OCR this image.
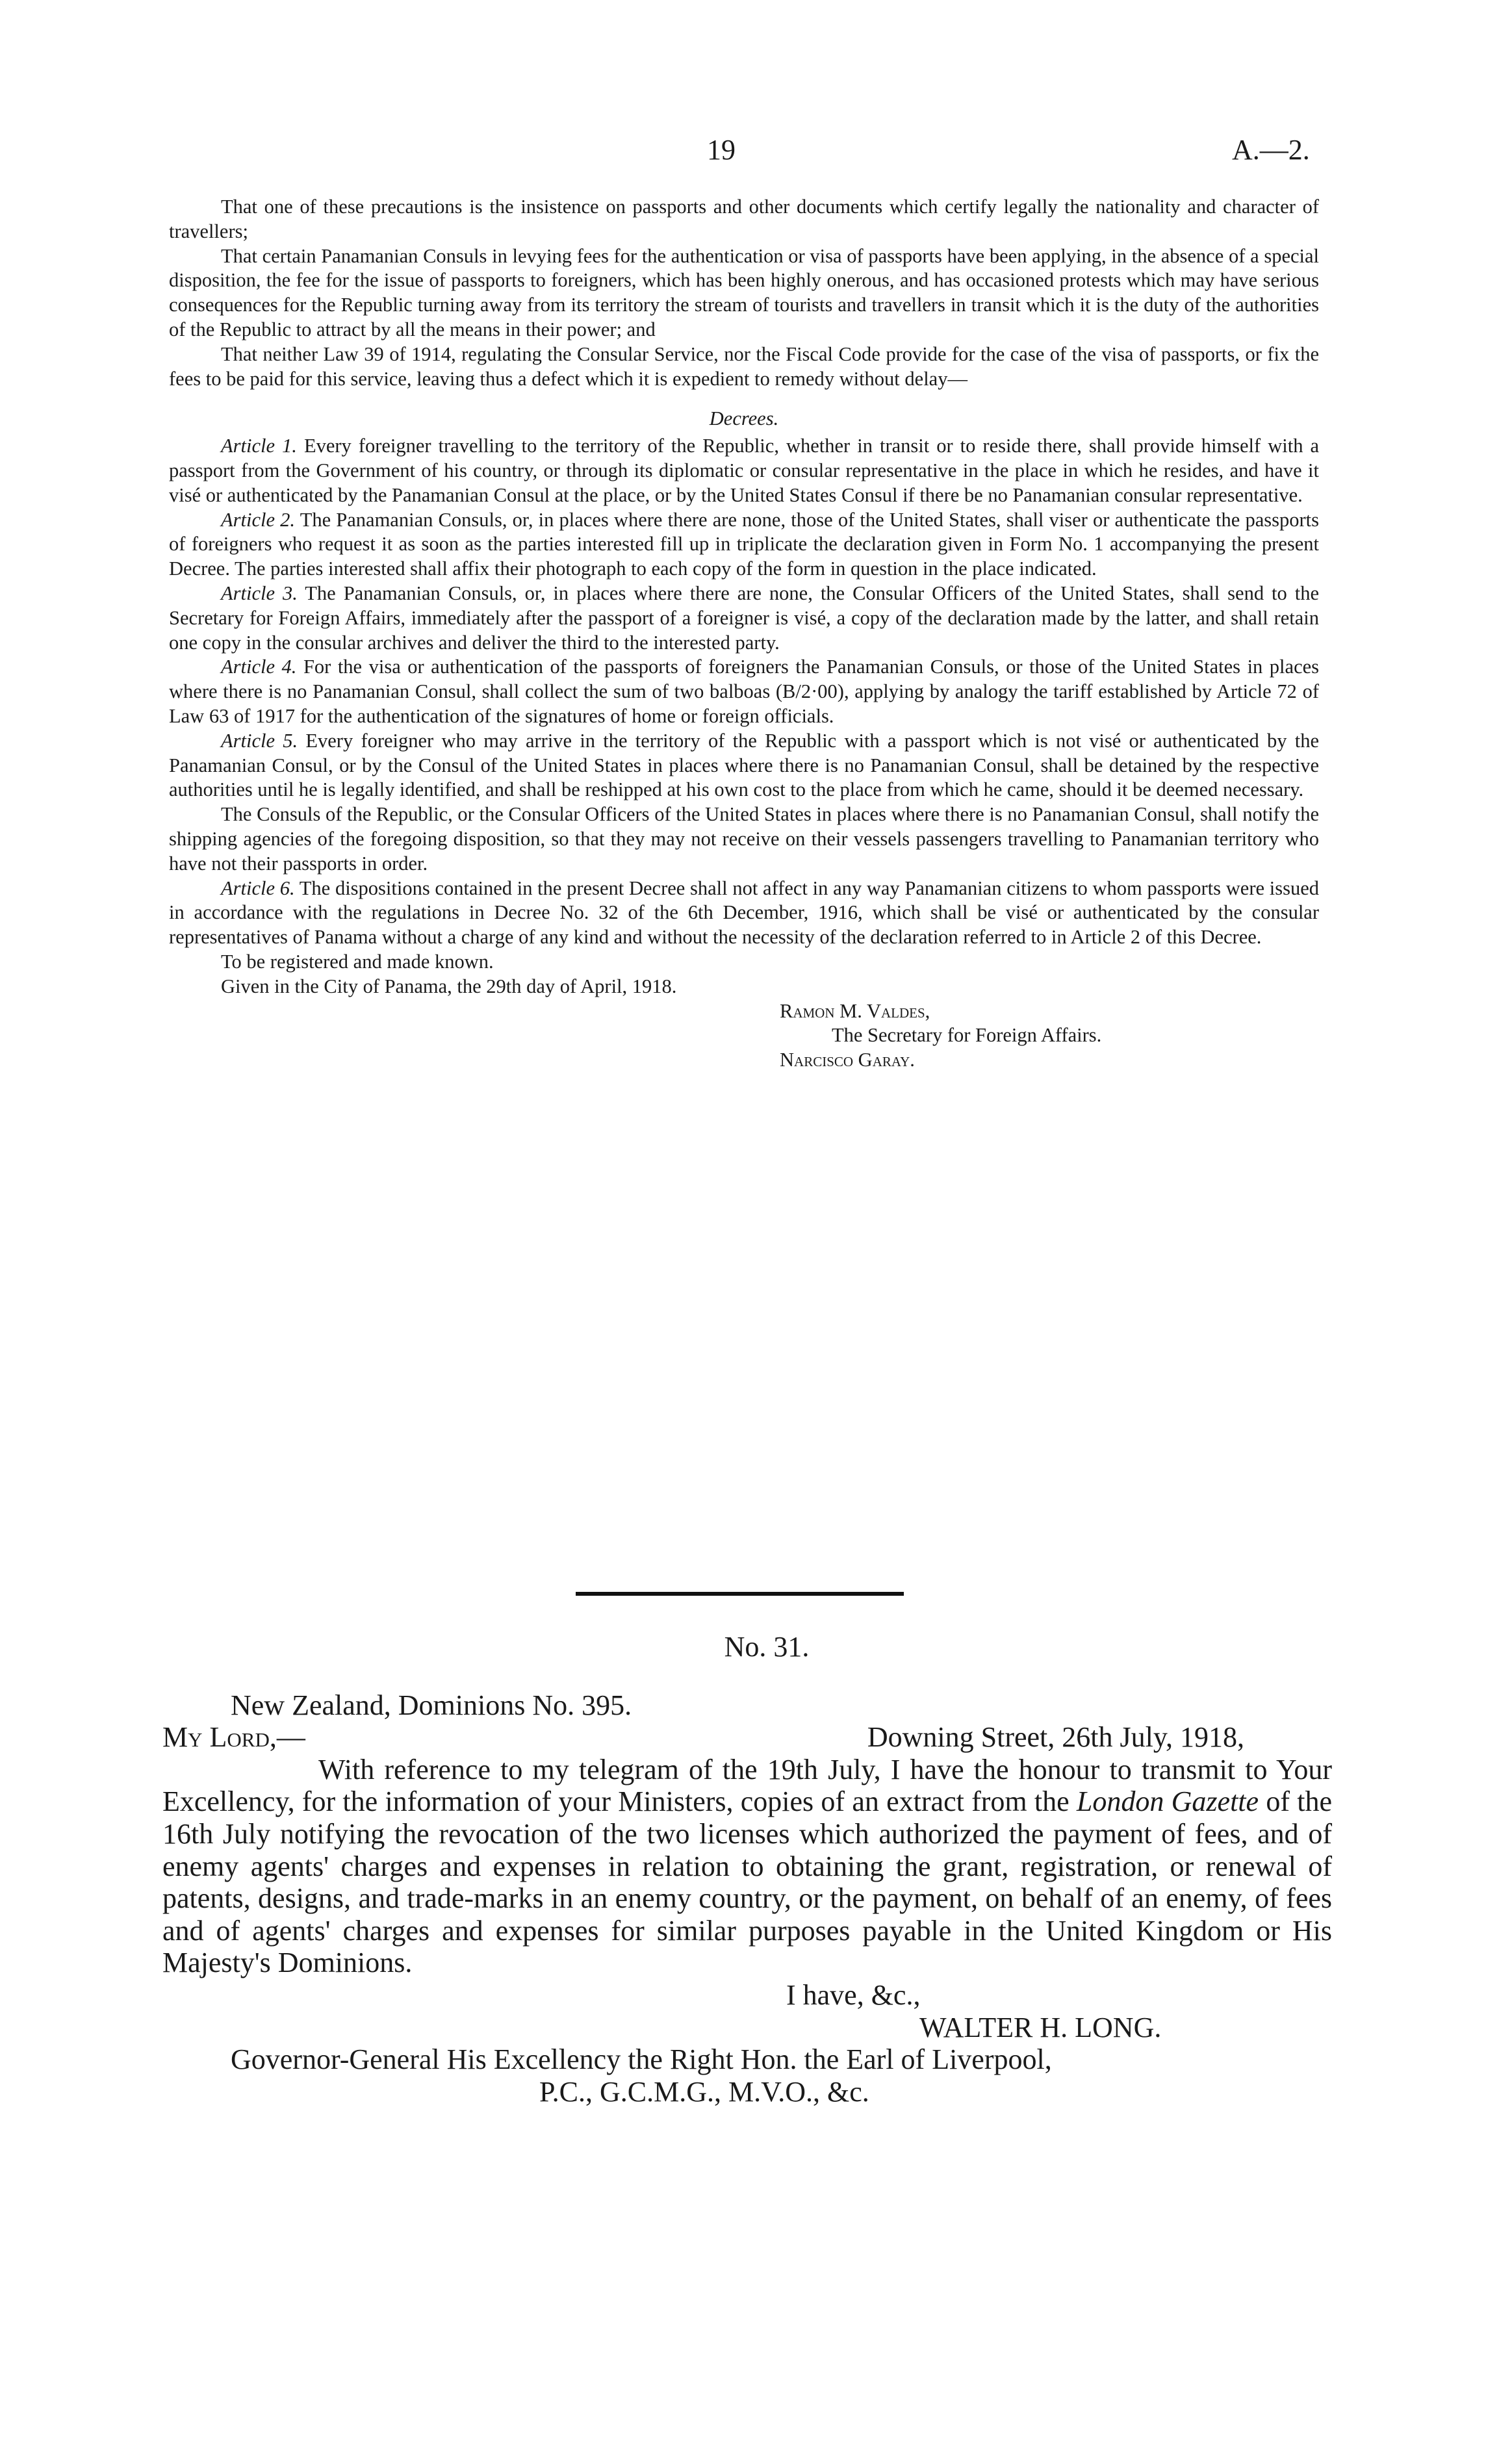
19	A.—2.

That one of these precautions is the insistence on passports and other documents which certify legally the nationality and character of travellers;

That certain Panamanian Consuls in levying fees for the authentication or visa of passports have been applying, in the absence of a special disposition, the fee for the issue of passports to foreigners, which has been highly onerous, and has occasioned protests which may have serious consequences for the Republic turning away from its territory the stream of tourists and travellers in transit which it is the duty of the authorities of the Republic to attract by all the means in their power; and

That neither Law 39 of 1914, regulating the Consular Service, nor the Fiscal Code provide for the case of the visa of passports, or fix the fees to be paid for this service, leaving thus a defect which it is expedient to remedy without delay—

Decrees.

Article 1. Every foreigner travelling to the territory of the Republic, whether in transit or to reside there, shall provide himself with a passport from the Government of his country, or through its diplomatic or consular representative in the place in which he resides, and have it visé or authenticated by the Panamanian Consul at the place, or by the United States Consul if there be no Panamanian consular representative.

Article 2. The Panamanian Consuls, or, in places where there are none, those of the United States, shall viser or authenticate the passports of foreigners who request it as soon as the parties interested fill up in triplicate the declaration given in Form No. 1 accompanying the present Decree. The parties interested shall affix their photograph to each copy of the form in question in the place indicated.

Article 3. The Panamanian Consuls, or, in places where there are none, the Consular Officers of the United States, shall send to the Secretary for Foreign Affairs, immediately after the passport of a foreigner is visé, a copy of the declaration made by the latter, and shall retain one copy in the consular archives and deliver the third to the interested party.

Article 4. For the visa or authentication of the passports of foreigners the Panamanian Consuls, or those of the United States in places where there is no Panamanian Consul, shall collect the sum of two balboas (B/2·00), applying by analogy the tariff established by Article 72 of Law 63 of 1917 for the authentication of the signatures of home or foreign officials.

Article 5. Every foreigner who may arrive in the territory of the Republic with a passport which is not visé or authenticated by the Panamanian Consul, or by the Consul of the United States in places where there is no Panamanian Consul, shall be detained by the respective authorities until he is legally identified, and shall be reshipped at his own cost to the place from which he came, should it be deemed necessary.

The Consuls of the Republic, or the Consular Officers of the United States in places where there is no Panamanian Consul, shall notify the shipping agencies of the foregoing disposition, so that they may not receive on their vessels passengers travelling to Panamanian territory who have not their passports in order.

Article 6. The dispositions contained in the present Decree shall not affect in any way Panamanian citizens to whom passports were issued in accordance with the regulations in Decree No. 32 of the 6th December, 1916, which shall be visé or authenticated by the consular representatives of Panama without a charge of any kind and without the necessity of the declaration referred to in Article 2 of this Decree.

To be registered and made known.

Given in the City of Panama, the 29th day of April, 1918.

Ramon M. Valdes,
The Secretary for Foreign Affairs.
Narcisco Garay.

No. 31.

New Zealand, Dominions No. 395.

My Lord,—	Downing Street, 26th July, 1918,

With reference to my telegram of the 19th July, I have the honour to transmit to Your Excellency, for the information of your Ministers, copies of an extract from the London Gazette of the 16th July notifying the revocation of the two licenses which authorized the payment of fees, and of enemy agents' charges and expenses in relation to obtaining the grant, registration, or renewal of patents, designs, and trade-marks in an enemy country, or the payment, on behalf of an enemy, of fees and of agents' charges and expenses for similar purposes payable in the United Kingdom or His Majesty's Dominions.

I have, &c.,

WALTER H. LONG.

Governor-General His Excellency the Right Hon. the Earl of Liverpool,

P.C., G.C.M.G., M.V.O., &c.
